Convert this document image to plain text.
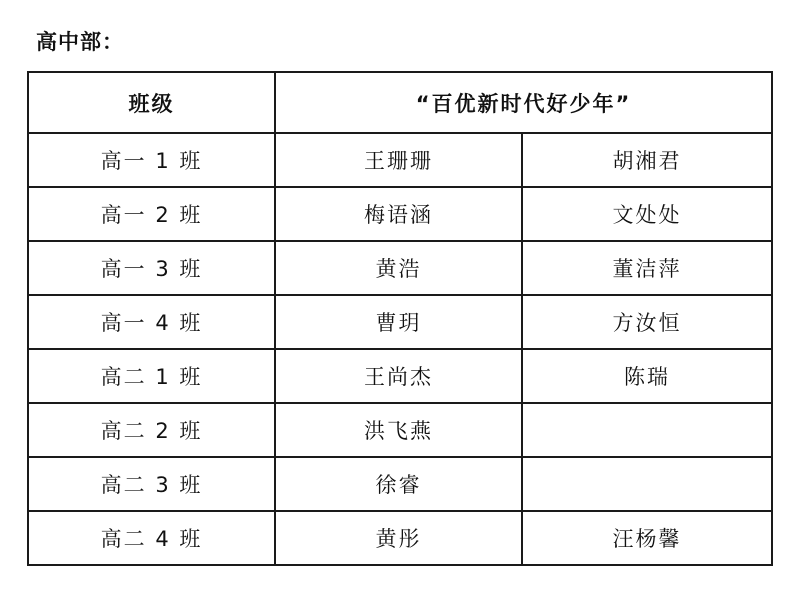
高中部：
班级	“百优新时代好少年”	
高一 1 班	王珊珊	胡湘君
高一 2 班	梅语涵	文处处
高一 3 班	黄浩	董洁萍
高一 4 班	曹玥	方汝恒
高二 1 班	王尚杰	陈瑞
高二 2 班	洪飞燕	
高二 3 班	徐睿	
高二 4 班	黄彤	汪杨馨
